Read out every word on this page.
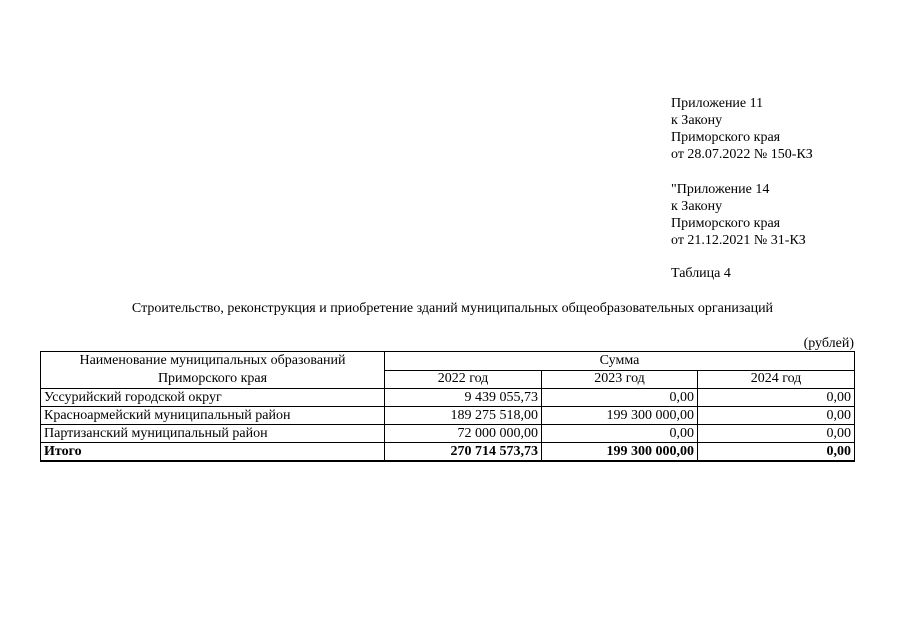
Приложение 11
к Закону
Приморского края
от 28.07.2022 № 150-КЗ
"Приложение 14
к Закону
Приморского края
от 21.12.2021 № 31-КЗ
Таблица 4
Строительство, реконструкция и приобретение зданий муниципальных общеобразовательных организаций
(рублей)
Наименование муниципальных образований
Приморского края	Сумма		
	2022 год	2023 год	2024 год
Уссурийский городской округ	9 439 055,73	0,00	0,00
Красноармейский муниципальный район	189 275 518,00	199 300 000,00	0,00
Партизанский муниципальный район	72 000 000,00	0,00	0,00
Итого	270 714 573,73	199 300 000,00	0,00
